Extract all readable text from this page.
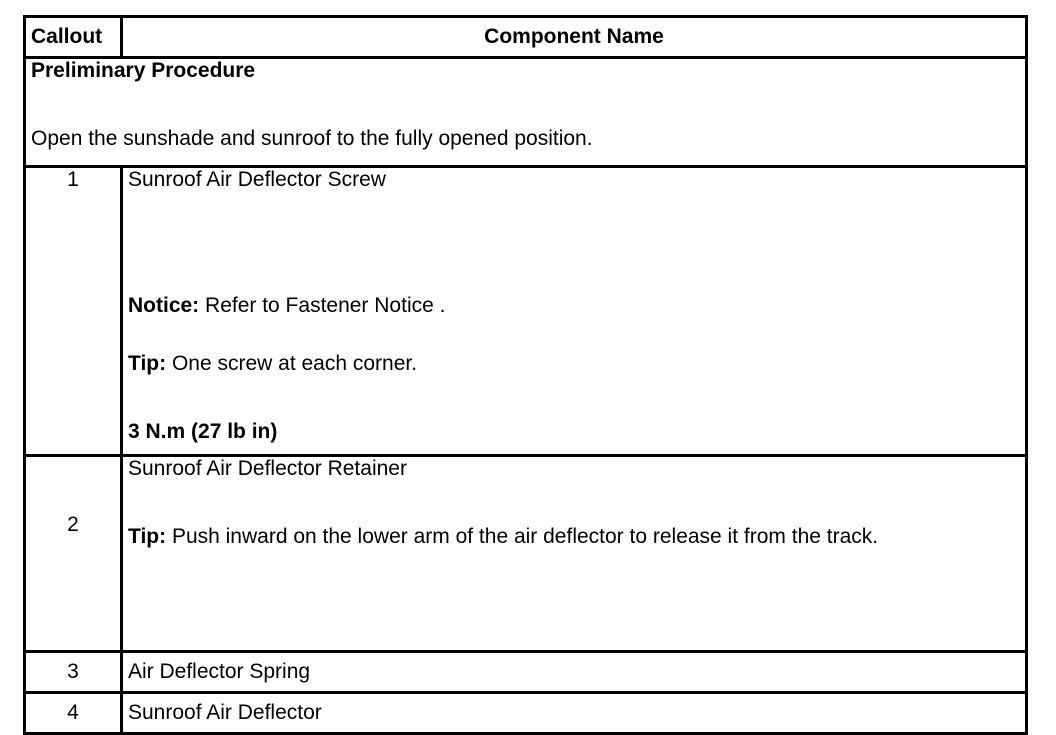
Callout	Component Name

Preliminary Procedure
Open the sunshade and sunroof to the fully opened position.	

1	Sunroof Air Deflector Screw
Notice: Refer to Fastener Notice .
Tip: One screw at each corner.
3 N.m (27 lb in)

2	Sunroof Air Deflector Retainer
Tip: Push inward on the lower arm of the air deflector to release it from the track.

3	Air Deflector Spring
4	Sunroof Air Deflector
